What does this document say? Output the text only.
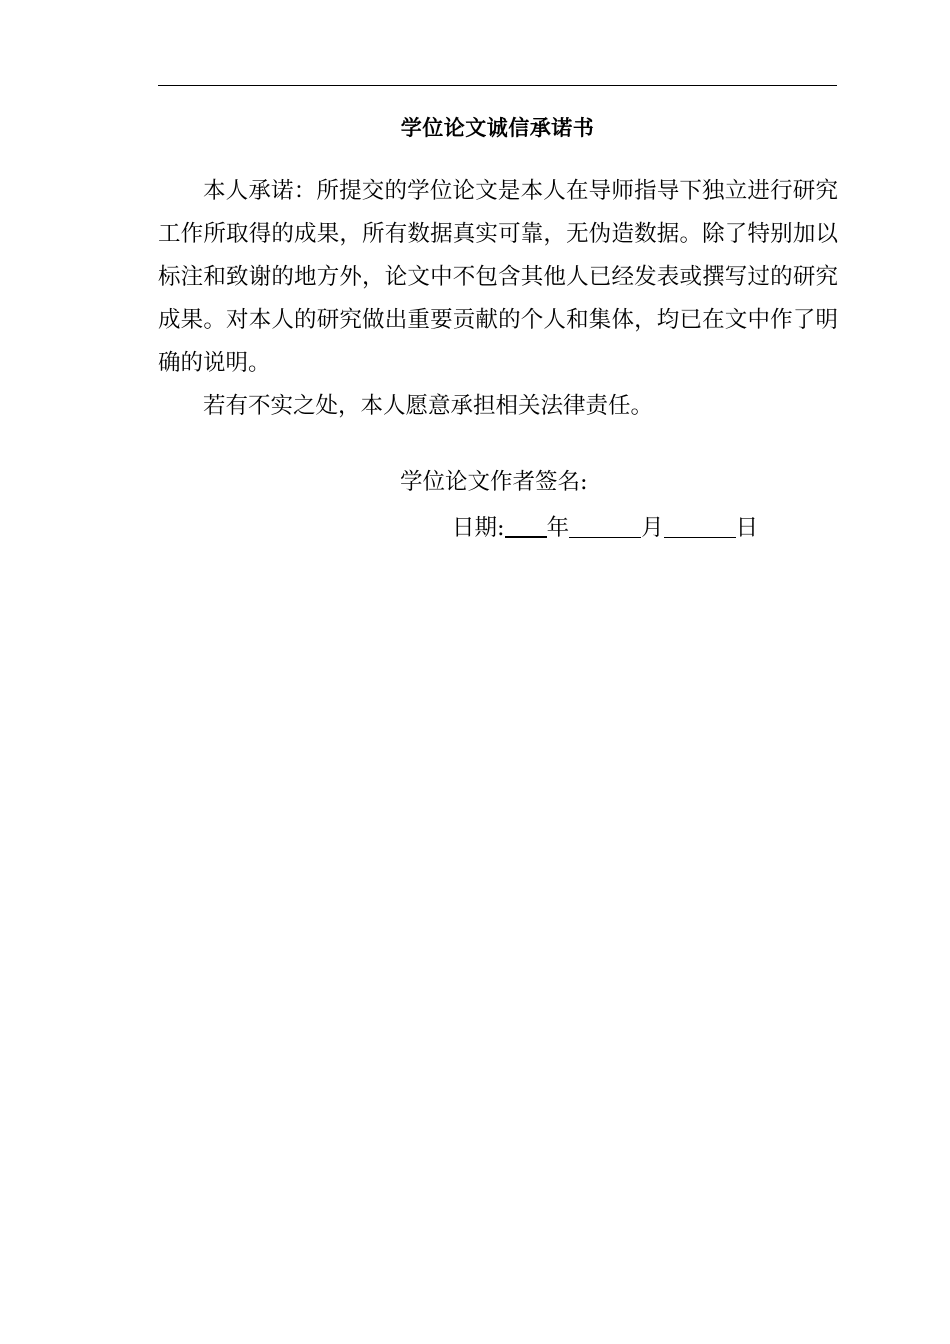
学位论文诚信承诺书

本人承诺：所提交的学位论文是本人在导师指导下独立进行研究工作所取得的成果，所有数据真实可靠，无伪造数据。除了特别加以标注和致谢的地方外，论文中不包含其他人已经发表或撰写过的研究成果。对本人的研究做出重要贡献的个人和集体，均已在文中作了明确的说明。

若有不实之处，本人愿意承担相关法律责任。

学位论文作者签名:
日期: 年	月	日
